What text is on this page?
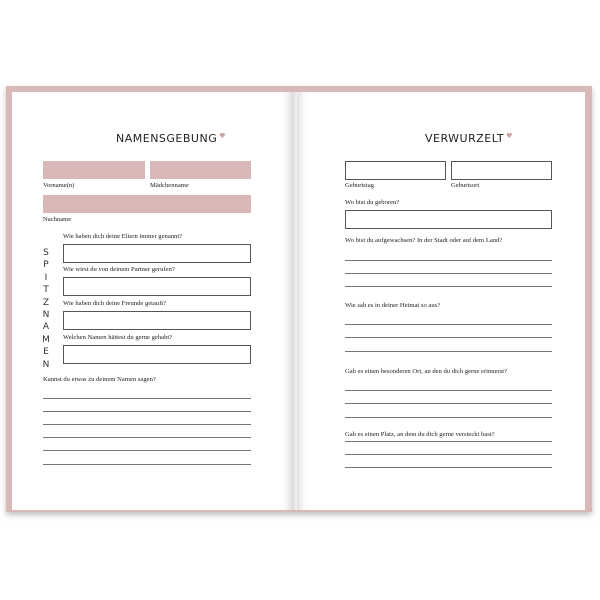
NAMENSGEBUNG ♥
Vorname(n)	Mädchenname
Nachname
S
P
I
T
Z
N
A
M
E
N
Wie haben dich deine Eltern immer genannt?
Wie wirst du von deinem Partner gerufen?
Wie haben dich deine Freunde getauft?
Welchen Namen hättest du gerne gehabt?
Kannst du etwas zu deinem Namen sagen?
VERWURZELT ♥
Geburtstag	Geburtsort
Wo bist du geboren?
Wo bist du aufgewachsen? In der Stadt oder auf dem Land?
Wie sah es in deiner Heimat so aus?
Gab es einen besonderen Ort, an den du dich gerne erinnerst?
Gab es einen Platz, an dem du dich gerne versteckt hast?
